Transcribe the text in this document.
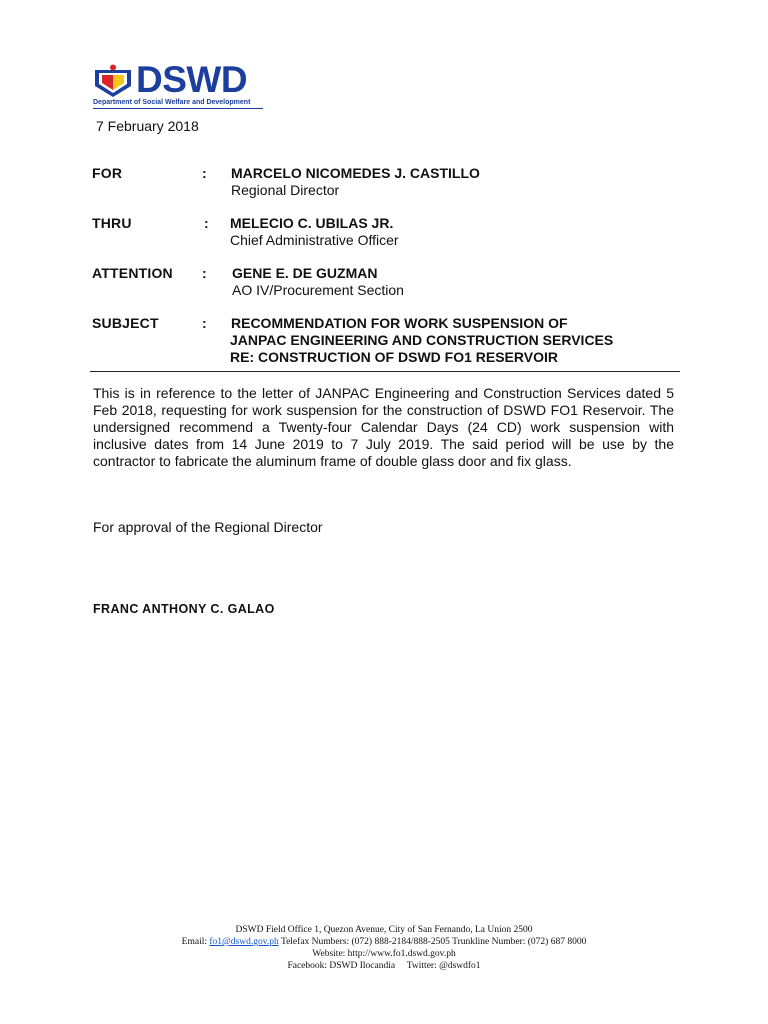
DSWD
Department of Social Welfare and Development
7 February 2018
FOR	: MARCELO NICOMEDES J. CASTILLO
Regional Director
THRU	: MELECIO C. UBILAS JR.
Chief Administrative Officer
ATTENTION : GENE E. DE GUZMAN
AO IV/Procurement Section
SUBJECT	: RECOMMENDATION FOR WORK SUSPENSION OF
JANPAC ENGINEERING AND CONSTRUCTION SERVICES
RE: CONSTRUCTION OF DSWD FO1 RESERVOIR

This is in reference to the letter of JANPAC Engineering and Construction Services dated 5 Feb 2018, requesting for work suspension for the construction of DSWD FO1 Reservoir. The undersigned recommend a Twenty-four Calendar Days (24 CD) work suspension with inclusive dates from 14 June 2019 to 7 July 2019. The said period will be use by the contractor to fabricate the aluminum frame of double glass door and fix glass.

For approval of the Regional Director
FRANC ANTHONY C. GALAO
DSWD Field Office 1, Quezon Avenue, City of San Fernando, La Union 2500
Email: fo1@dswd.gov.ph Telefax Numbers: (072) 888-2184/888-2505 Trunkline Number: (072) 687 8000
Website: http://www.fo1.dswd.gov.ph
Facebook: DSWD Ilocandia     Twitter: @dswdfo1
